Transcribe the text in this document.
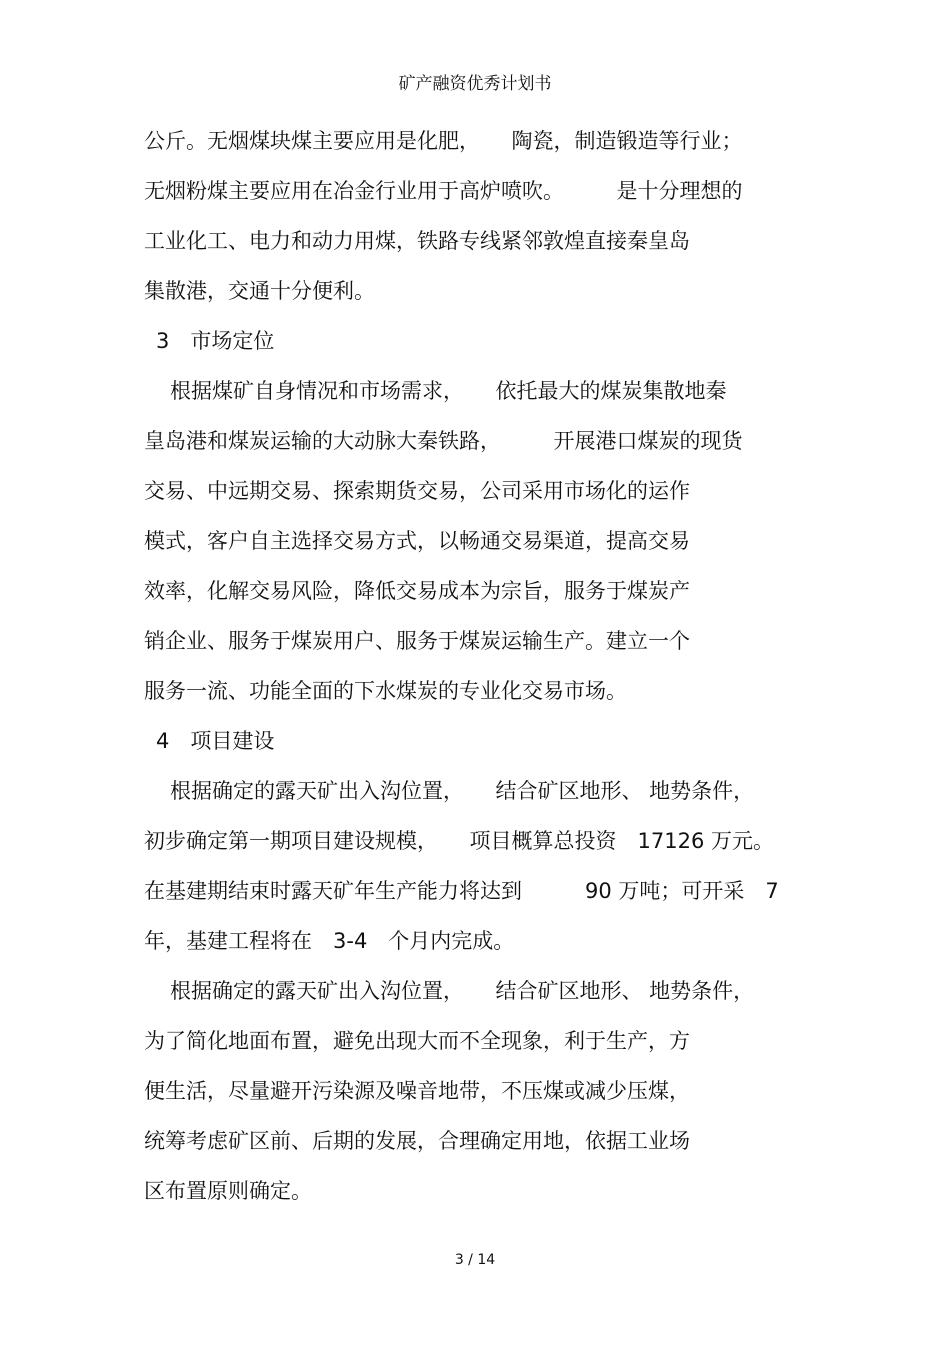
矿产融资优秀计划书
公斤。无烟煤块煤主要应用是化肥，　　陶瓷，制造锻造等行业；
无烟粉煤主要应用在冶金行业用于高炉喷吹。　　　是十分理想的
工业化工、电力和动力用煤，铁路专线紧邻敦煌直接秦皇岛
集散港，交通十分便利。
3　市场定位
根据煤矿自身情况和市场需求，　　依托最大的煤炭集散地秦
皇岛港和煤炭运输的大动脉大秦铁路，　　　开展港口煤炭的现货
交易、中远期交易、探索期货交易，公司采用市场化的运作
模式，客户自主选择交易方式，以畅通交易渠道，提高交易
效率，化解交易风险，降低交易成本为宗旨，服务于煤炭产
销企业、服务于煤炭用户、服务于煤炭运输生产。建立一个
服务一流、功能全面的下水煤炭的专业化交易市场。
4　项目建设
根据确定的露天矿出入沟位置，　　结合矿区地形、 地势条件，
初步确定第一期项目建设规模，　　项目概算总投资　17126 万元。
在基建期结束时露天矿年生产能力将达到　　　90 万吨；可开采　7
年，基建工程将在　3-4　个月内完成。
根据确定的露天矿出入沟位置，　　结合矿区地形、 地势条件，
为了简化地面布置，避免出现大而不全现象，利于生产，方
便生活，尽量避开污染源及噪音地带，不压煤或减少压煤，
统筹考虑矿区前、后期的发展，合理确定用地，依据工业场
区布置原则确定。
3 / 14
